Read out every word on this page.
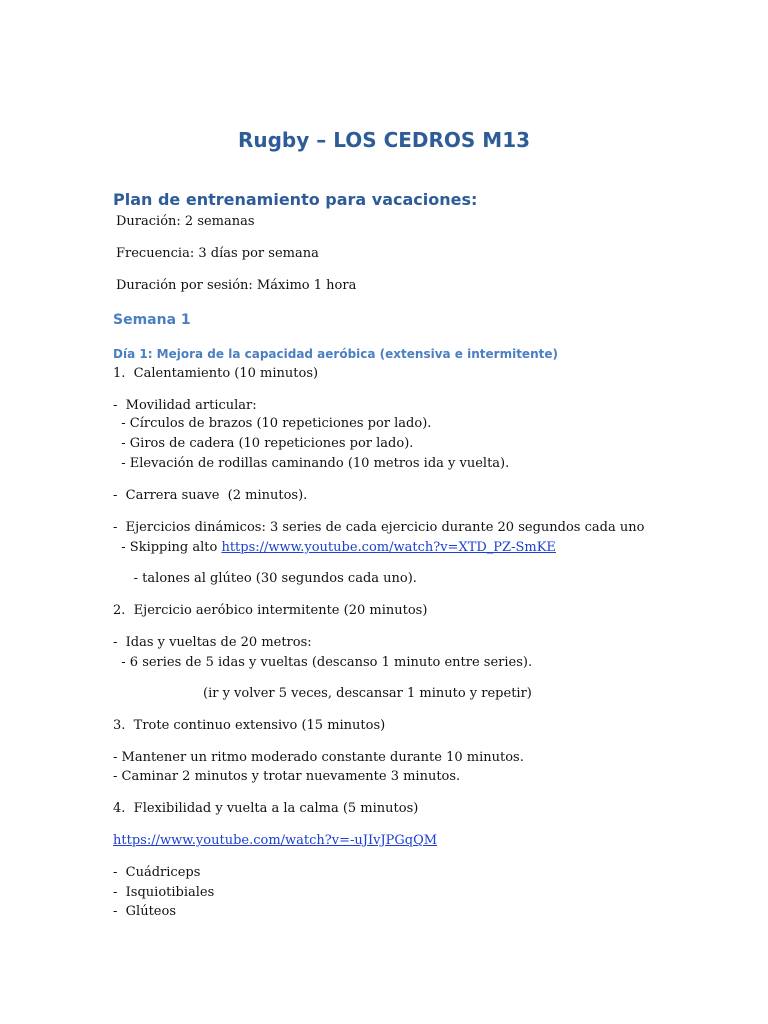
Rugby – LOS CEDROS M13
Plan de entrenamiento para vacaciones:
Duración: 2 semanas
Frecuencia: 3 días por semana
Duración por sesión: Máximo 1 hora
Semana 1
Día 1: Mejora de la capacidad aeróbica (extensiva e intermitente)
1.  Calentamiento (10 minutos)
-  Movilidad articular:
- Círculos de brazos (10 repeticiones por lado).
- Giros de cadera (10 repeticiones por lado).
- Elevación de rodillas caminando (10 metros ida y vuelta).
-  Carrera suave  (2 minutos).
-  Ejercicios dinámicos: 3 series de cada ejercicio durante 20 segundos cada uno
- Skipping alto https://www.youtube.com/watch?v=XTD_PZ-SmKE
- talones al glúteo (30 segundos cada uno).
2.  Ejercicio aeróbico intermitente (20 minutos)
-  Idas y vueltas de 20 metros:
- 6 series de 5 idas y vueltas (descanso 1 minuto entre series).
(ir y volver 5 veces, descansar 1 minuto y repetir)
3.  Trote continuo extensivo (15 minutos)
- Mantener un ritmo moderado constante durante 10 minutos.
- Caminar 2 minutos y trotar nuevamente 3 minutos.
4.  Flexibilidad y vuelta a la calma (5 minutos)
https://www.youtube.com/watch?v=-uJIvJPGqQM
-  Cuádriceps
-  Isquiotibiales
-  Glúteos
